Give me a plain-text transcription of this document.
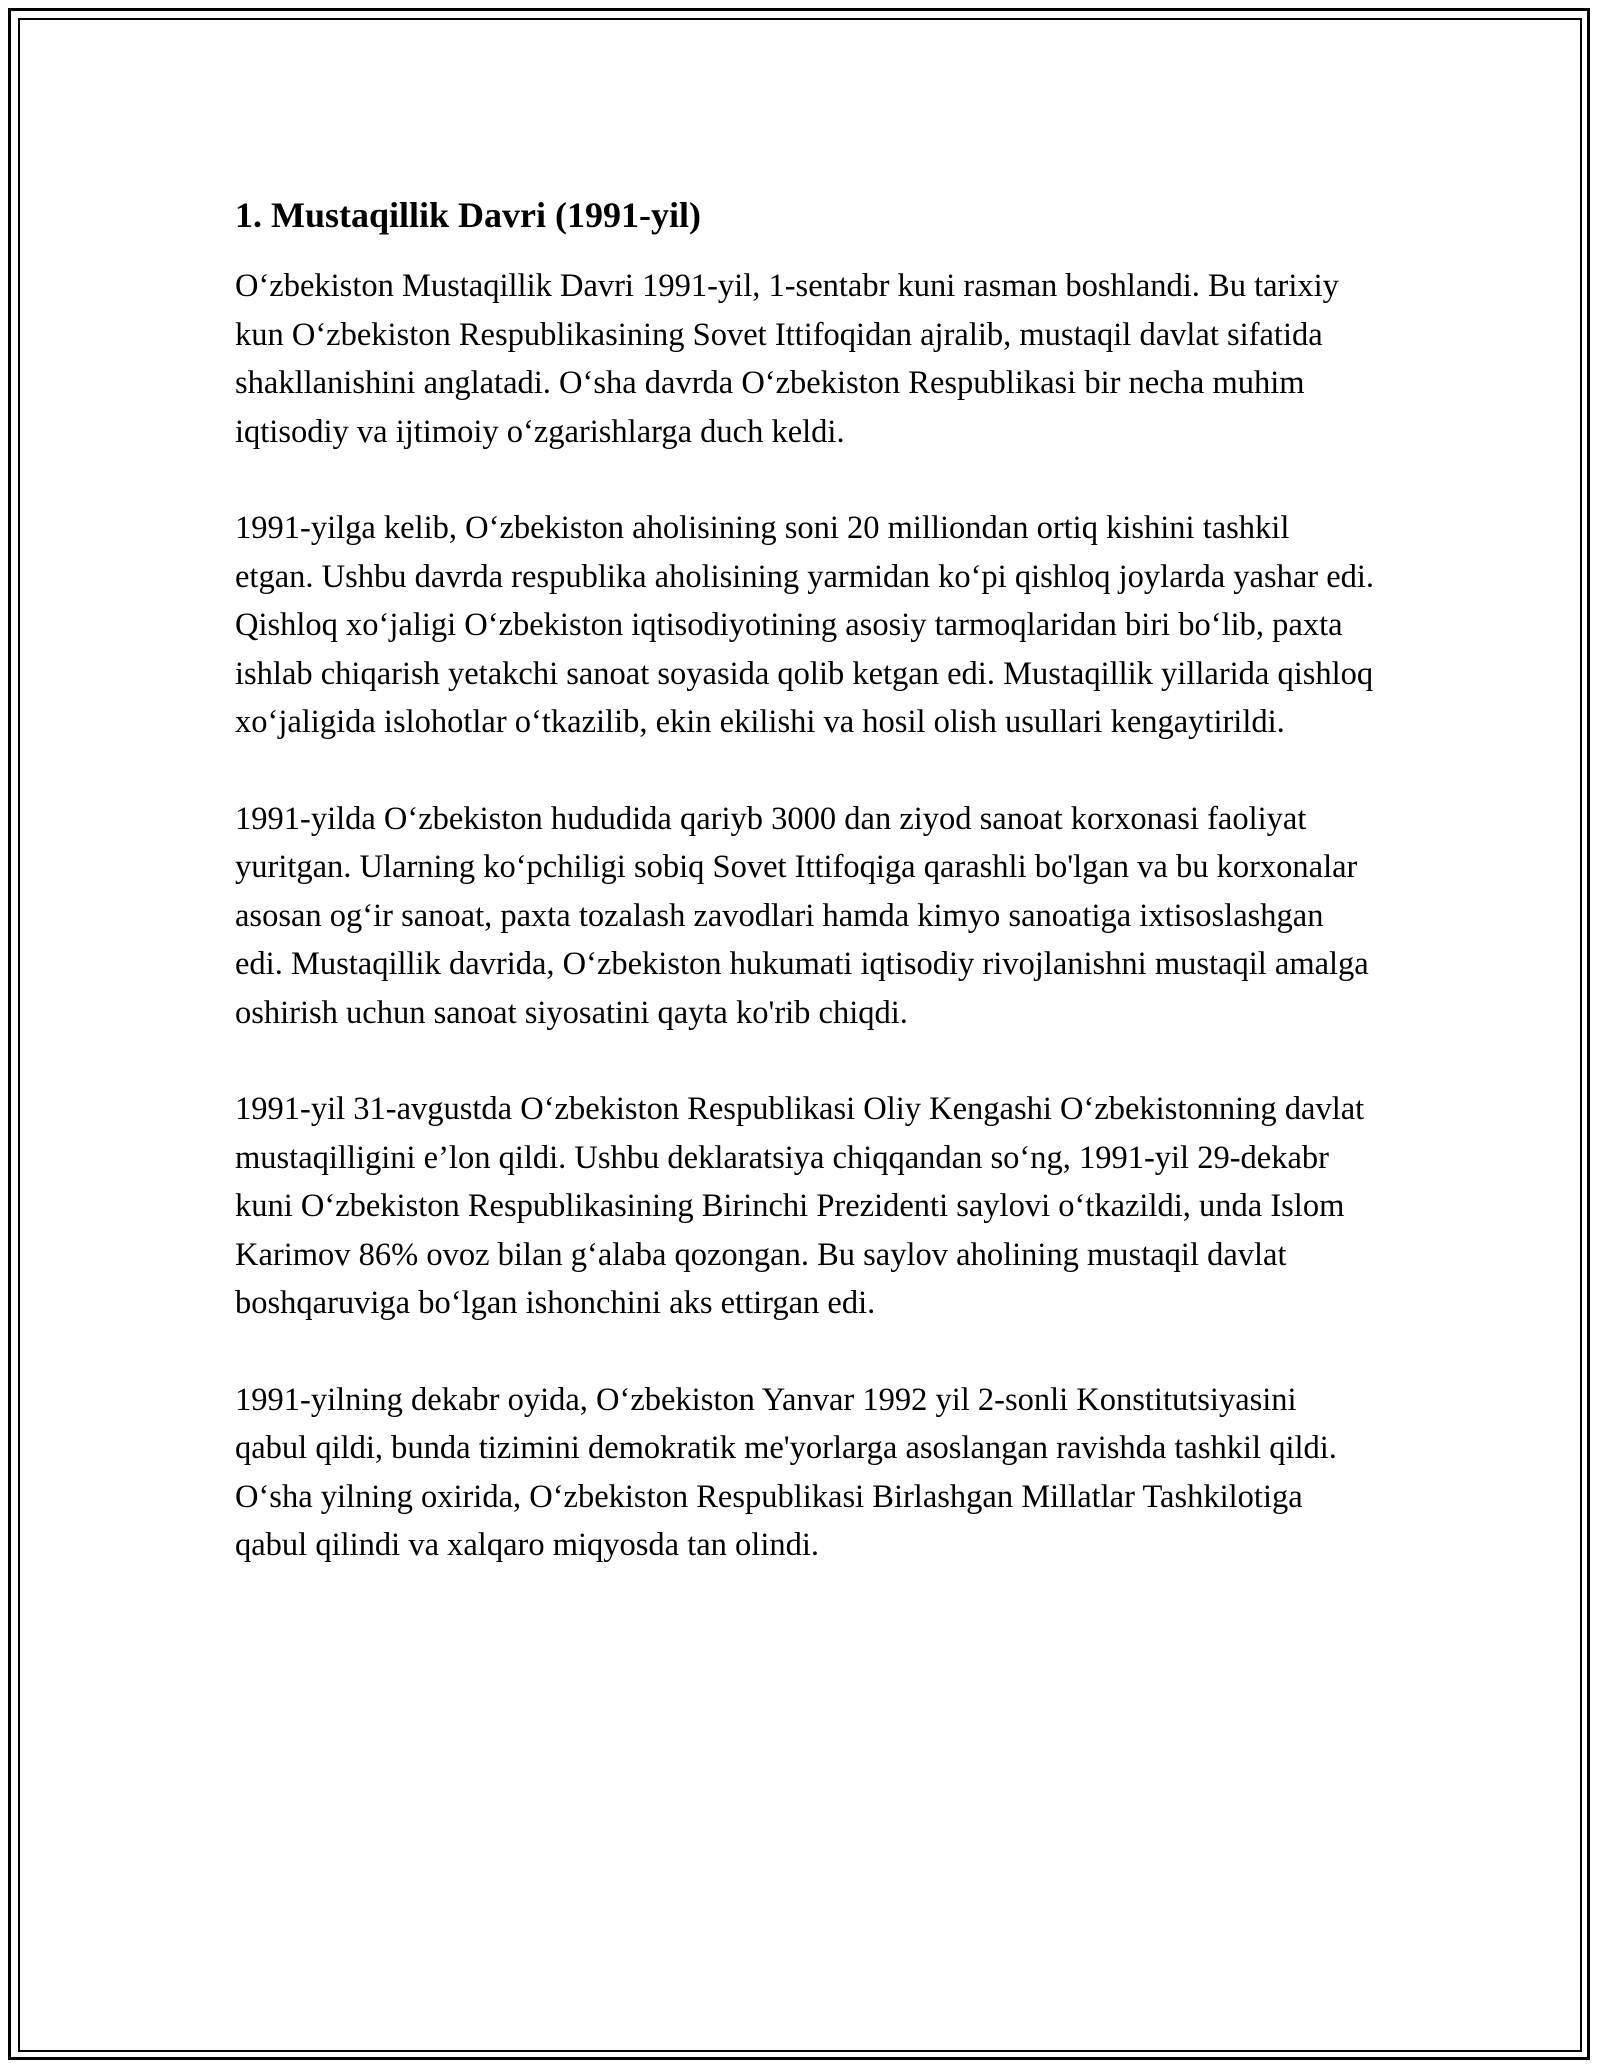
1. Mustaqillik Davri (1991-yil)

O‘zbekiston Mustaqillik Davri 1991-yil, 1-sentabr kuni rasman boshlandi. Bu tarixiy kun O‘zbekiston Respublikasining Sovet Ittifoqidan ajralib, mustaqil davlat sifatida shakllanishini anglatadi. O‘sha davrda O‘zbekiston Respublikasi bir necha muhim iqtisodiy va ijtimoiy o‘zgarishlarga duch keldi.

1991-yilga kelib, O‘zbekiston aholisining soni 20 milliondan ortiq kishini tashkil etgan. Ushbu davrda respublika aholisining yarmidan ko‘pi qishloq joylarda yashar edi. Qishloq xo‘jaligi O‘zbekiston iqtisodiyotining asosiy tarmoqlaridan biri bo‘lib, paxta ishlab chiqarish yetakchi sanoat soyasida qolib ketgan edi. Mustaqillik yillarida qishloq xo‘jaligida islohotlar o‘tkazilib, ekin ekilishi va hosil olish usullari kengaytirildi.

1991-yilda O‘zbekiston hududida qariyb 3000 dan ziyod sanoat korxonasi faoliyat yuritgan. Ularning ko‘pchiligi sobiq Sovet Ittifoqiga qarashli bo'lgan va bu korxonalar asosan og‘ir sanoat, paxta tozalash zavodlari hamda kimyo sanoatiga ixtisoslashgan edi. Mustaqillik davrida, O‘zbekiston hukumati iqtisodiy rivojlanishni mustaqil amalga oshirish uchun sanoat siyosatini qayta ko'rib chiqdi.

1991-yil 31-avgustda O‘zbekiston Respublikasi Oliy Kengashi O‘zbekistonning davlat mustaqilligini e’lon qildi. Ushbu deklaratsiya chiqqandan so‘ng, 1991-yil 29-dekabr kuni O‘zbekiston Respublikasining Birinchi Prezidenti saylovi o‘tkazildi, unda Islom Karimov 86% ovoz bilan g‘alaba qozongan. Bu saylov aholining mustaqil davlat boshqaruviga bo‘lgan ishonchini aks ettirgan edi.

1991-yilning dekabr oyida, O‘zbekiston Yanvar 1992 yil 2-sonli Konstitutsiyasini qabul qildi, bunda tizimini demokratik me'yorlarga asoslangan ravishda tashkil qildi. O‘sha yilning oxirida, O‘zbekiston Respublikasi Birlashgan Millatlar Tashkilotiga qabul qilindi va xalqaro miqyosda tan olindi.
